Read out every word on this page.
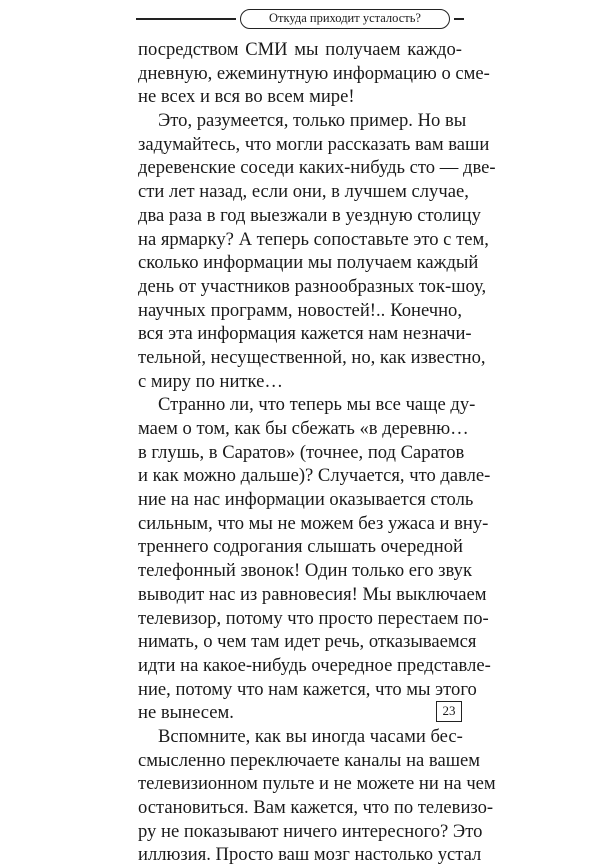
Откуда приходит усталость?
посредством СМИ мы получаем каждо-
дневную, ежеминутную информацию о сме-
не всех и вся во всем мире!
Это, разумеется, только пример. Но вы
задумайтесь, что могли рассказать вам ваши
деревенские соседи каких-нибудь сто — две-
сти лет назад, если они, в лучшем случае,
два раза в год выезжали в уездную столицу
на ярмарку? А теперь сопоставьте это с тем,
сколько информации мы получаем каждый
день от участников разнообразных ток-шоу,
научных программ, новостей!.. Конечно,
вся эта информация кажется нам незначи-
тельной, несущественной, но, как известно,
с миру по нитке…
Странно ли, что теперь мы все чаще ду-
маем о том, как бы сбежать «в деревню…
в глушь, в Саратов» (точнее, под Саратов
и как можно дальше)? Случается, что давле-
ние на нас информации оказывается столь
сильным, что мы не можем без ужаса и вну-
треннего содрогания слышать очередной
телефонный звонок! Один только его звук
выводит нас из равновесия! Мы выключаем
телевизор, потому что просто перестаем по-
нимать, о чем там идет речь, отказываемся
идти на какое-нибудь очередное представле-
ние, потому что нам кажется, что мы этого
не вынесем.
Вспомните, как вы иногда часами бес-
смысленно переключаете каналы на вашем
телевизионном пульте и не можете ни на чем
остановиться. Вам кажется, что по телевизо-
ру не показывают ничего интересного? Это
иллюзия. Просто ваш мозг настолько устал
23
